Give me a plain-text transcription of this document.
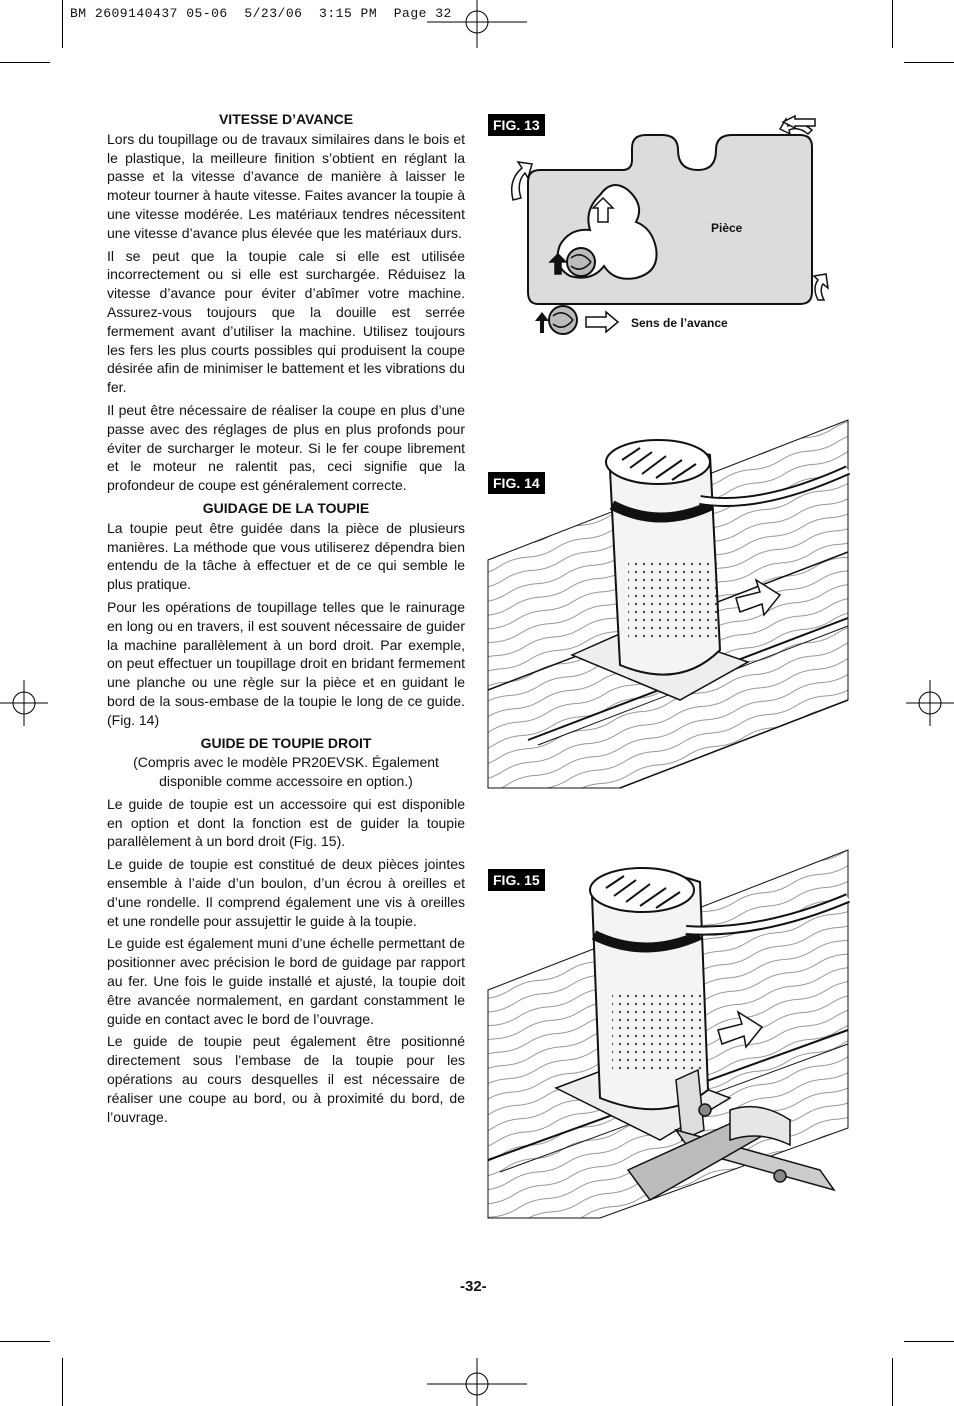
BM 2609140437 05-06  5/23/06  3:15 PM  Page 32
VITESSE D’AVANCE

Lors du toupillage ou de travaux similaires dans le bois et le plastique, la meilleure finition s’obtient en réglant la passe et la vitesse d’avance de manière à laisser le moteur tourner à haute vitesse. Faites avancer la toupie à une vitesse modérée. Les matériaux tendres nécessitent une vitesse d’avance plus élevée que les matériaux durs.

Il se peut que la toupie cale si elle est utilisée incorrectement ou si elle est surchargée. Réduisez la vitesse d’avance pour éviter d’abîmer votre machine. Assurez-vous toujours que la douille est serrée fermement avant d’utiliser la machine. Utilisez toujours les fers les plus courts possibles qui produisent la coupe désirée afin de minimiser le battement et les vibrations du fer.

Il peut être nécessaire de réaliser la coupe en plus d’une passe avec des réglages de plus en plus profonds pour éviter de surcharger le moteur. Si le fer coupe librement et le moteur ne ralentit pas, ceci signifie que la profondeur de coupe est généralement correcte.

GUIDAGE DE LA TOUPIE

La toupie peut être guidée dans la pièce de plusieurs manières. La méthode que vous utiliserez dépendra bien entendu de la tâche à effectuer et de ce qui semble le plus pratique.

Pour les opérations de toupillage telles que le rainurage en long ou en travers, il est souvent nécessaire de guider la machine parallèlement à un bord droit. Par exemple, on peut effectuer un toupillage droit en bridant fermement une planche ou une règle sur la pièce et en guidant le bord de la sous-embase de la toupie le long de ce guide. (Fig. 14)

GUIDE DE TOUPIE DROIT
(Compris avec le modèle PR20EVSK. Également
disponible comme accessoire en option.)

Le guide de toupie est un accessoire qui est disponible en option et dont la fonction est de guider la toupie parallèlement à un bord droit (Fig. 15).

Le guide de toupie est constitué de deux pièces jointes ensemble à l’aide d’un boulon, d’un écrou à oreilles et d’une rondelle. Il comprend également une vis à oreilles et une rondelle pour assujettir le guide à la toupie.

Le guide est également muni d’une échelle permettant de positionner avec précision le bord de guidage par rapport au fer. Une fois le guide installé et ajusté, la toupie doit être avancée normalement, en gardant constamment le guide en contact avec le bord de l’ouvrage.

Le guide de toupie peut également être positionné directement sous l’embase de la toupie pour les opérations au cours desquelles il est nécessaire de réaliser une coupe au bord, ou à proximité du bord, de l’ouvrage.

FIG. 13
Pièce
Sens de l’avance
FIG. 14
FIG. 15
-32-
